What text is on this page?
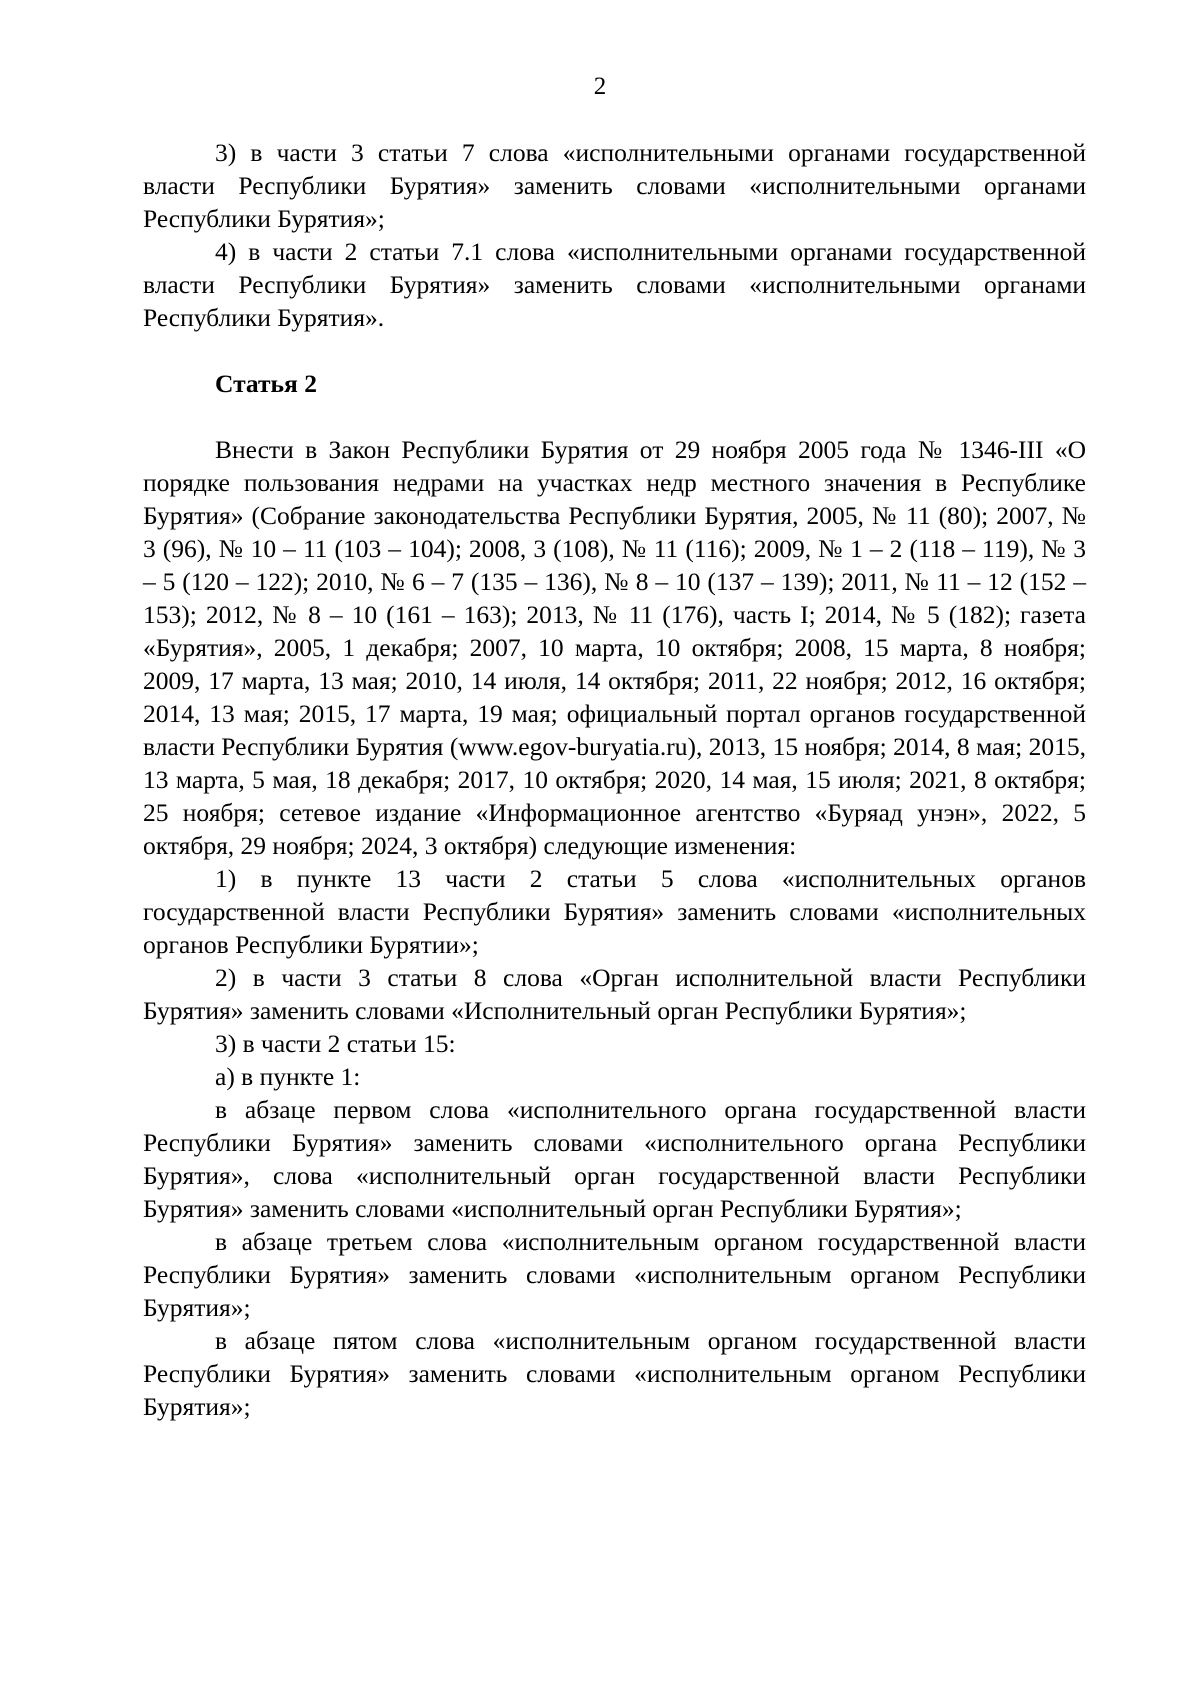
2

3) в части 3 статьи 7 слова «исполнительными органами государственной власти Республики Бурятия» заменить словами «исполнительными органами Республики Бурятия»;

4) в части 2 статьи 7.1 слова «исполнительными органами государственной власти Республики Бурятия» заменить словами «исполнительными органами Республики Бурятия».

Статья 2

Внести в Закон Республики Бурятия от 29 ноября 2005 года № 1346-III «О порядке пользования недрами на участках недр местного значения в Республике Бурятия» (Собрание законодательства Республики Бурятия, 2005, № 11 (80); 2007, № 3 (96), № 10 – 11 (103 – 104); 2008, 3 (108), № 11 (116); 2009, № 1 – 2 (118 – 119), № 3 – 5 (120 – 122); 2010, № 6 – 7 (135 – 136), № 8 – 10 (137 – 139); 2011, № 11 – 12 (152 – 153); 2012, № 8 – 10 (161 – 163); 2013, № 11 (176), часть I; 2014, № 5 (182); газета «Бурятия», 2005, 1 декабря; 2007, 10 марта, 10 октября; 2008, 15 марта, 8 ноября; 2009, 17 марта, 13 мая; 2010, 14 июля, 14 октября; 2011, 22 ноября; 2012, 16 октября; 2014, 13 мая; 2015, 17 марта, 19 мая; официальный портал органов государственной власти Республики Бурятия (www.egov-buryatia.ru), 2013, 15 ноября; 2014, 8 мая; 2015, 13 марта, 5 мая, 18 декабря; 2017, 10 октября; 2020, 14 мая, 15 июля; 2021, 8 октября; 25 ноября; сетевое издание «Информационное агентство «Буряад унэн», 2022, 5 октября, 29 ноября; 2024, 3 октября) следующие изменения:

1) в пункте 13 части 2 статьи 5 слова «исполнительных органов государственной власти Республики Бурятия» заменить словами «исполнительных органов Республики Бурятии»;

2) в части 3 статьи 8 слова «Орган исполнительной власти Республики Бурятия» заменить словами «Исполнительный орган Республики Бурятия»;

3) в части 2 статьи 15:

а) в пункте 1:

в абзаце первом слова «исполнительного органа государственной власти Республики Бурятия» заменить словами «исполнительного органа Республики Бурятия», слова «исполнительный орган государственной власти Республики Бурятия» заменить словами «исполнительный орган Республики Бурятия»;

в абзаце третьем слова «исполнительным органом государственной власти Республики Бурятия» заменить словами «исполнительным органом Республики Бурятия»;

в абзаце пятом слова «исполнительным органом государственной власти Республики Бурятия» заменить словами «исполнительным органом Республики Бурятия»;
